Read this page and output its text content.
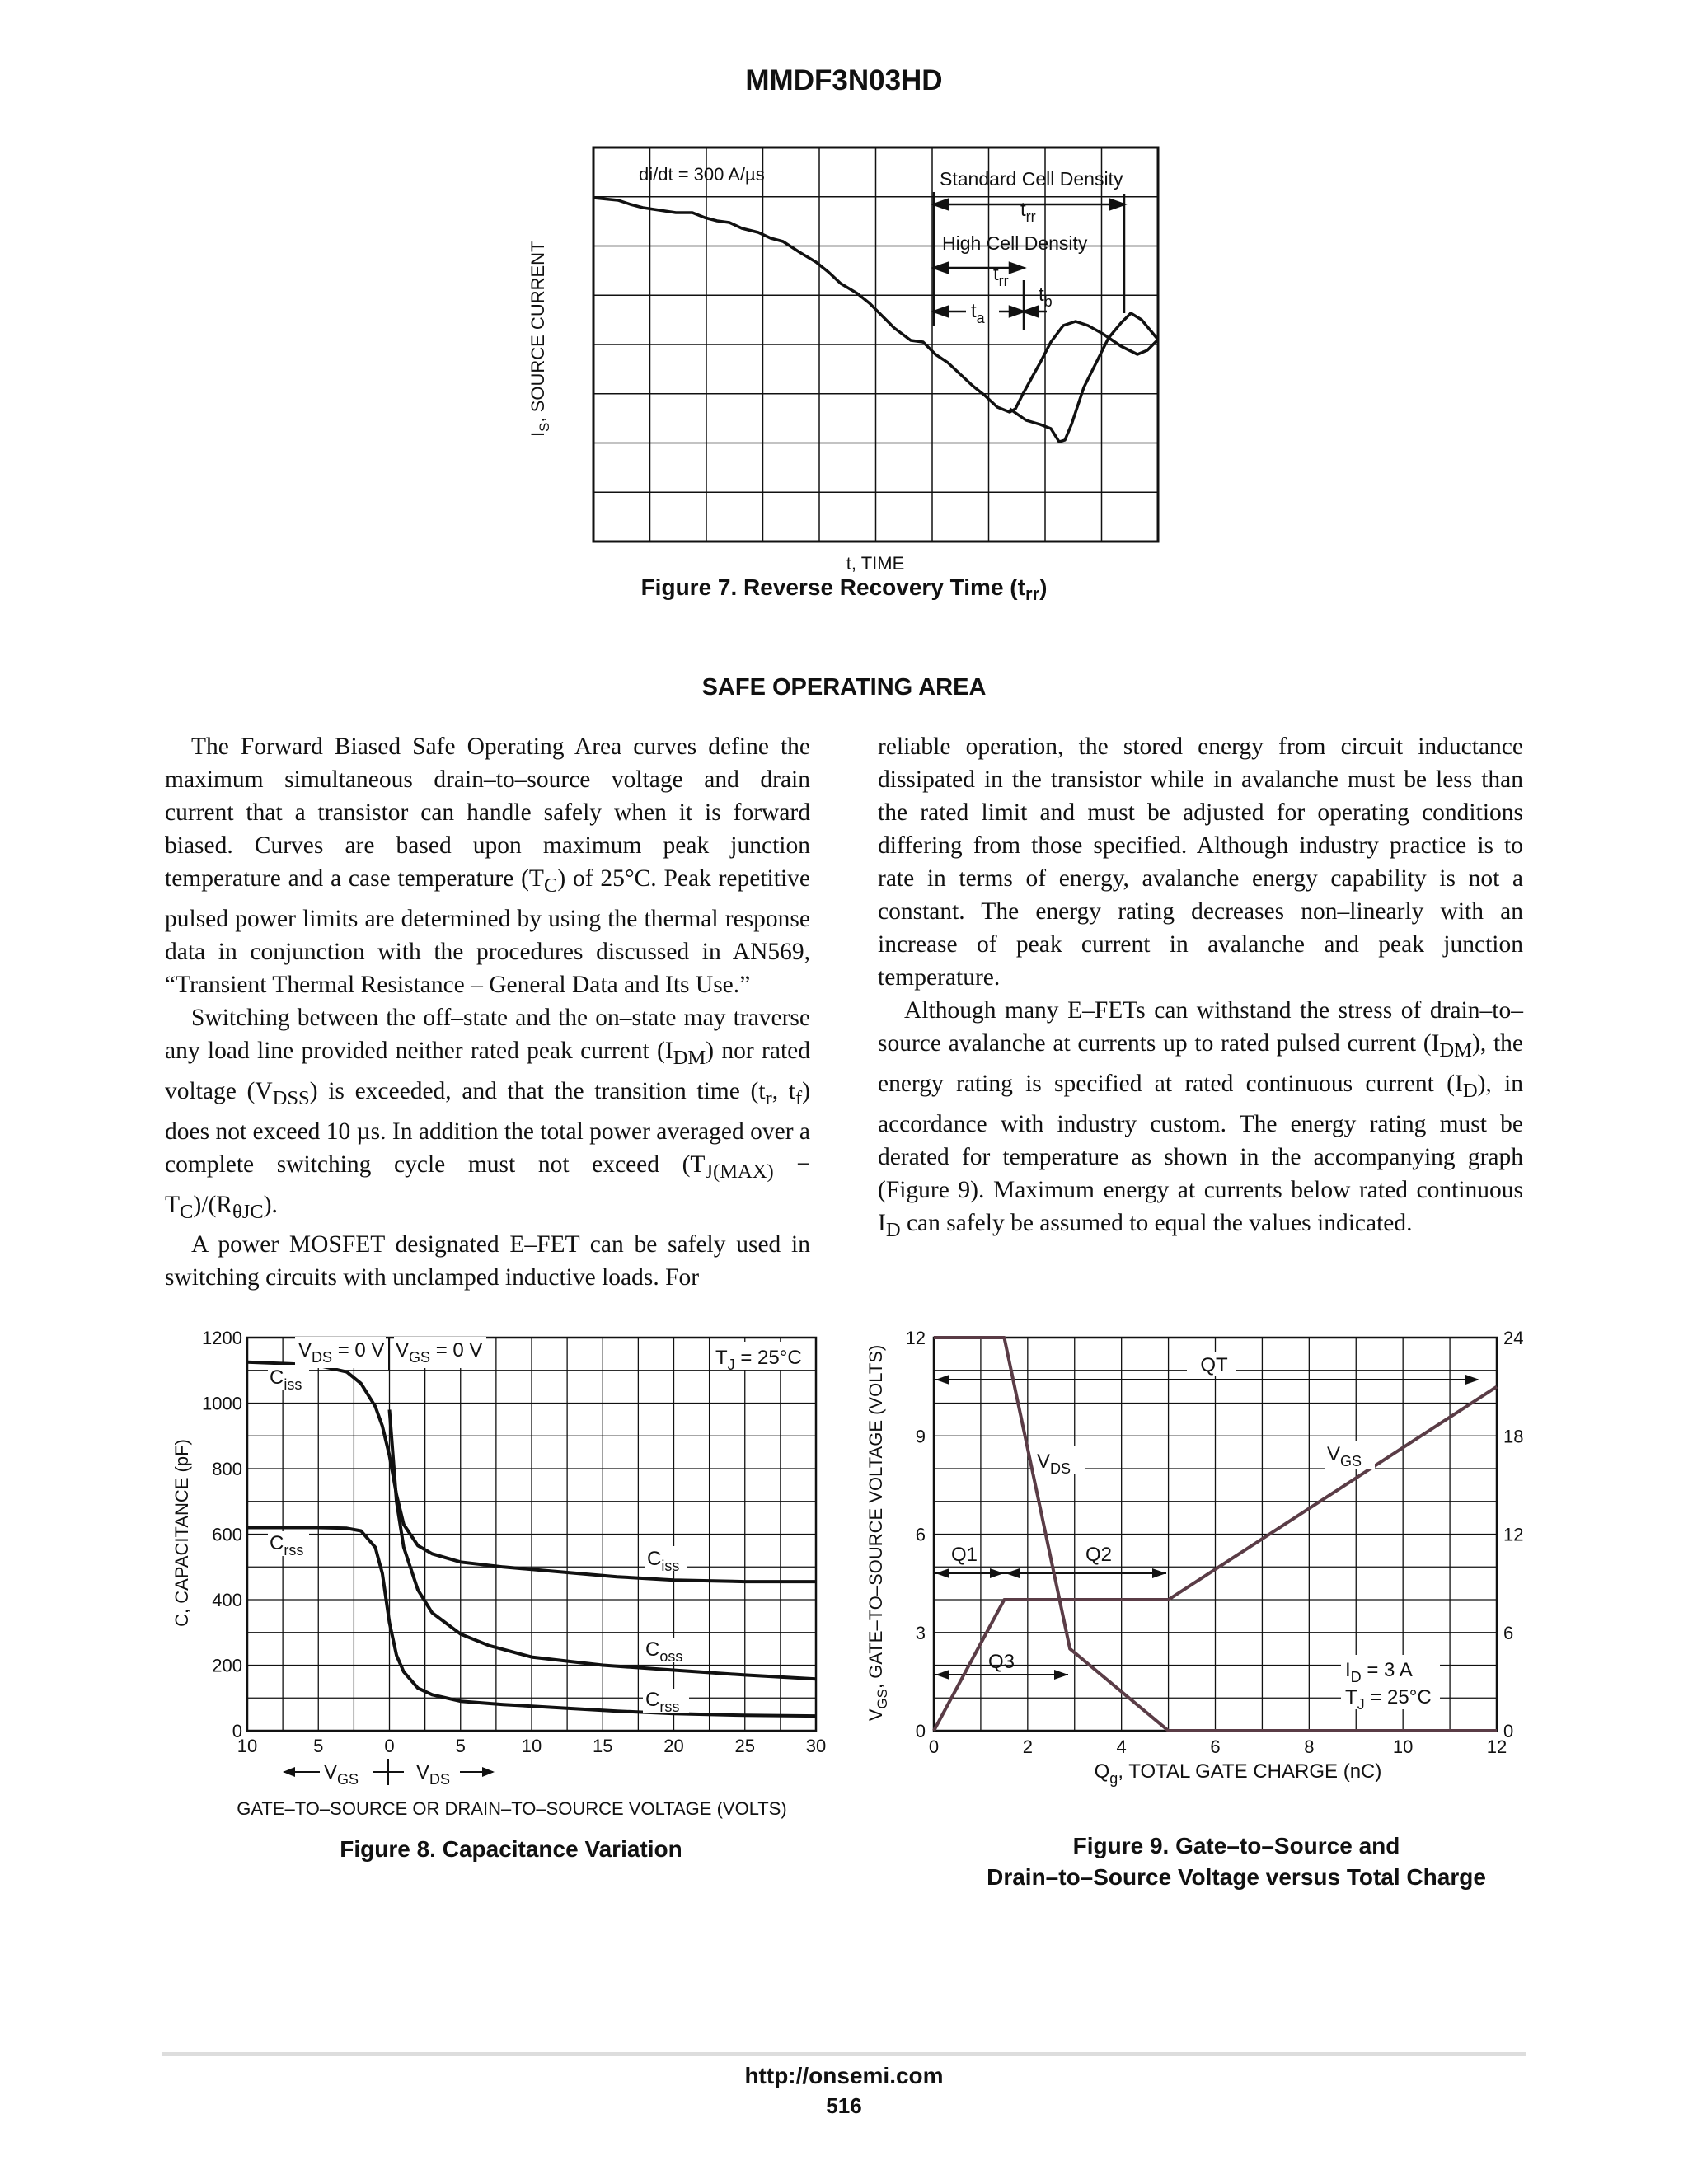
MMDF3N03HD
di/dt = 300 A/µs	Standard Cell Density
High Cell Density
$t_{rr}$
$t_{rr}$
$t_a$
$t_b$
$I_S$, SOURCE CURRENT
t, TIME
Figure 7. Reverse Recovery Time $(t_{rr})$
SAFE OPERATING AREA

The Forward Biased Safe Operating Area curves define the maximum simultaneous drain–to–source voltage and drain current that a transistor can handle safely when it is forward biased. Curves are based upon maximum peak junction temperature and a case temperature $(T_C)$ of 25°C. Peak repetitive pulsed power limits are determined by using the thermal response data in conjunction with the procedures discussed in AN569, “Transient Thermal Resistance – General Data and Its Use.”

Switching between the off–state and the on–state may traverse any load line provided neither rated peak current $(I_{DM})$ nor rated voltage $(V_{DSS})$ is exceeded, and that the transition time ($t_r$, $t_f$) does not exceed 10 µs. In addition the total power averaged over a complete switching cycle must not exceed $(T_{J(MAX)} - T_C)/(R_{\theta JC})$.

A power MOSFET designated E–FET can be safely used in switching circuits with unclamped inductive loads. For

reliable operation, the stored energy from circuit inductance dissipated in the transistor while in avalanche must be less than the rated limit and must be adjusted for operating conditions differing from those specified. Although industry practice is to rate in terms of energy, avalanche energy capability is not a constant. The energy rating decreases non–linearly with an increase of peak current in avalanche and peak junction temperature.

Although many E–FETs can withstand the stress of drain–to–source avalanche at currents up to rated pulsed current $(I_{DM})$, the energy rating is specified at rated continuous current $(I_D)$, in accordance with industry custom. The energy rating must be derated for temperature as shown in the accompanying graph (Figure 9). Maximum energy at currents below rated continuous $I_D$ can safely be assumed to equal the values indicated.

10	5	0	5	10	15	20	25	30
0
200
400
600
800
1000
1200
$V_{DS} = 0$ V $V_{GS} = 0$ V	$T_J = 25^\circ C$
$C_{iss}$
$C_{rss}$	$C_{iss}$
$C_{oss}$
$C_{rss}$
$V_{GS}$	$V_{DS}$
C, CAPACITANCE (pF)
GATE–TO–SOURCE OR DRAIN–TO–SOURCE VOLTAGE (VOLTS)
Figure 8. Capacitance Variation
0	2	4	6	8	10	12
0
3
6
9
12
0
6
12
18
24
QT
Q1	Q2
Q3	$I_D = 3$ A
$T_J = 25^\circ C$
$V_{DS}$
$V_{GS}$
$V_{GS}$, GATE–TO–SOURCE VOLTAGE (VOLTS)
$Q_g$, TOTAL GATE CHARGE (nC)
Figure 9. Gate–to–Source and
Drain–to–Source Voltage versus Total Charge
http://onsemi.com
516
